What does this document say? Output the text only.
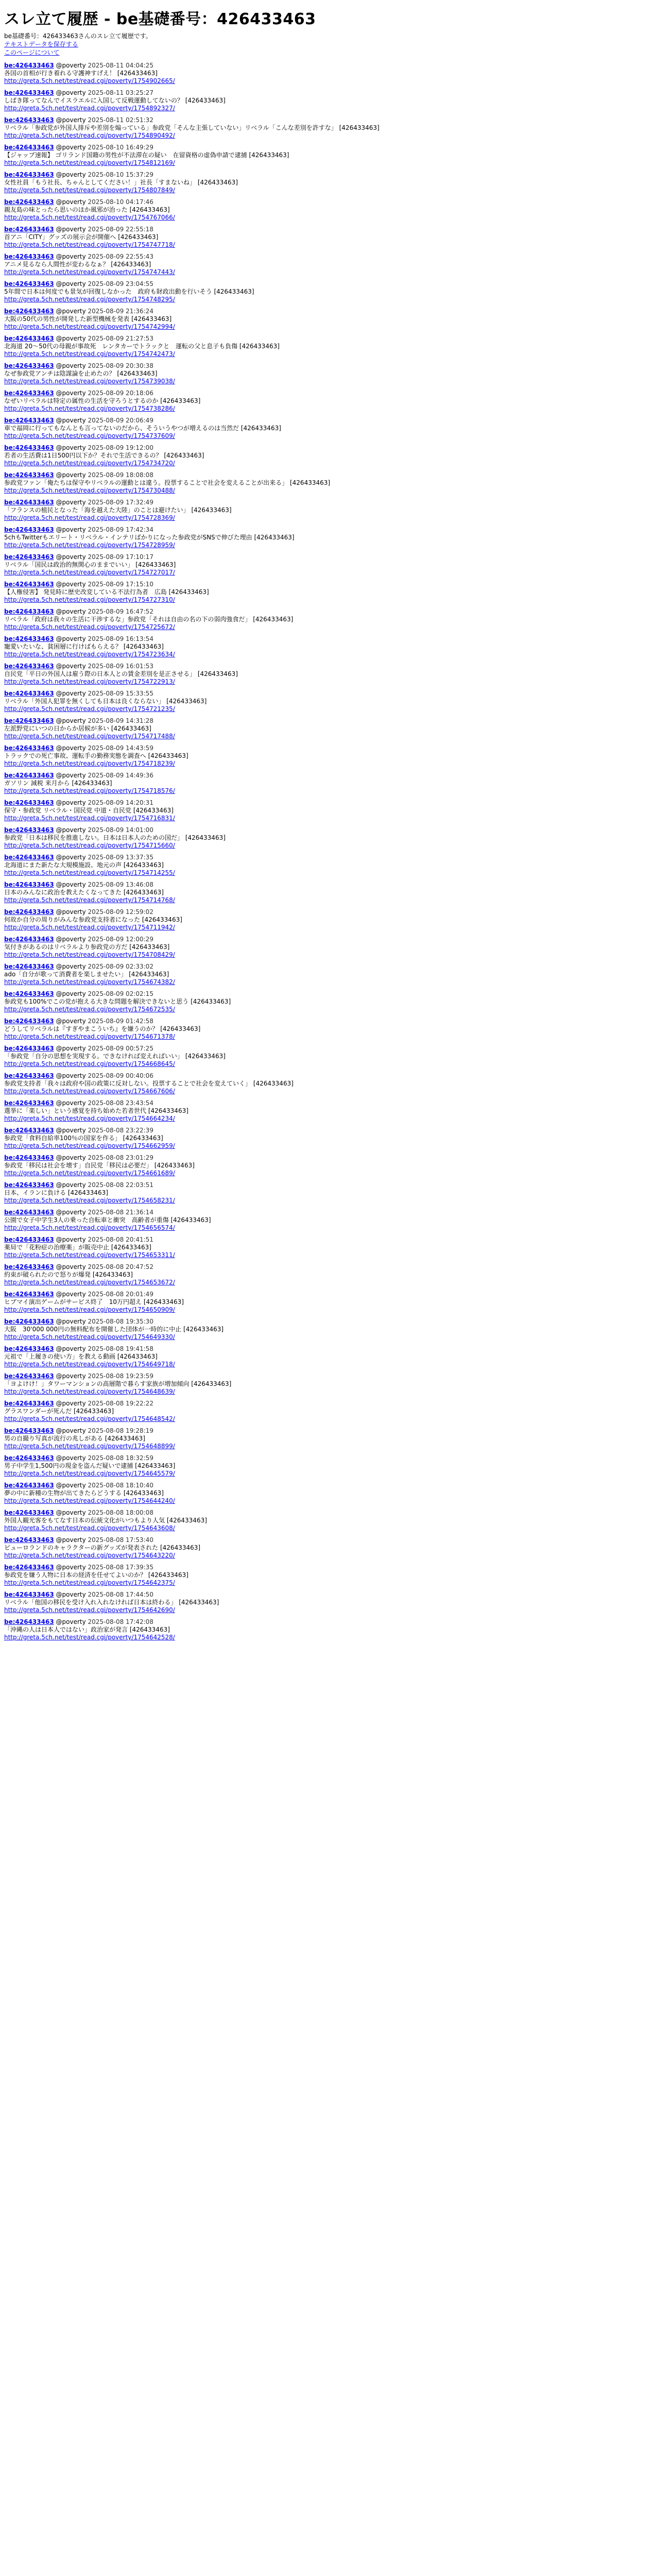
スレ立て履歴 - be基礎番号：426433463
be基礎番号：426433463さんのスレ立て履歴です。
テキストデータを保存する
このページについて
be:426433463 @poverty 2025-08-11 04:04:25
各国の首相が行き着れる守護神すげえ！ [426433463]
http://greta.5ch.net/test/read.cgi/poverty/1754902665/
be:426433463 @poverty 2025-08-11 03:25:27
しばき隊ってなんでイスラエルに入国して反戦運動してないの？ [426433463]
http://greta.5ch.net/test/read.cgi/poverty/1754892327/
be:426433463 @poverty 2025-08-11 02:51:32
リベラル「参政党が外国人排斥や差別を煽っている」参政党「そんな主張していない」リベラル「こんな差別を許すな」 [426433463]
http://greta.5ch.net/test/read.cgi/poverty/1754890492/
be:426433463 @poverty 2025-08-10 16:49:29
【ジャップ速報】 ゴリランド国籍の男性が不法滞在の疑い　在留資格の虚偽申請で逮捕 [426433463]
http://greta.5ch.net/test/read.cgi/poverty/1754812169/
be:426433463 @poverty 2025-08-10 15:37:29
女性社員「もう社長、ちゃんとしてください！」社長「すまないね」 [426433463]
http://greta.5ch.net/test/read.cgi/poverty/1754807849/
be:426433463 @poverty 2025-08-10 04:17:46
親友島の味とったら思いのほか風邪が治った [426433463]
http://greta.5ch.net/test/read.cgi/poverty/1754767066/
be:426433463 @poverty 2025-08-09 22:55:18
首アニ「CITY」グッズの展示会が開催へ [426433463]
http://greta.5ch.net/test/read.cgi/poverty/1754747718/
be:426433463 @poverty 2025-08-09 22:55:43
アニメ見るなら人間性が変わるなぁ？ [426433463]
http://greta.5ch.net/test/read.cgi/poverty/1754747443/
be:426433463 @poverty 2025-08-09 23:04:55
5年間で日本は何度でも景気が回復しなかった　政府も財政出動を行いそう [426433463]
http://greta.5ch.net/test/read.cgi/poverty/1754748295/
be:426433463 @poverty 2025-08-09 21:36:24
大阪の50代の男性が開発した新型機械を発表 [426433463]
http://greta.5ch.net/test/read.cgi/poverty/1754742994/
be:426433463 @poverty 2025-08-09 21:27:53
北海道 20～50代の母親が事故死　レンタカーでトラックと　運転の父と息子も負傷 [426433463]
http://greta.5ch.net/test/read.cgi/poverty/1754742473/
be:426433463 @poverty 2025-08-09 20:30:38
なぜ参政党アンチは陰謀論を止めたの？ [426433463]
http://greta.5ch.net/test/read.cgi/poverty/1754739038/
be:426433463 @poverty 2025-08-09 20:18:06
なぜいリベラルは特定の属性の生活を守ろうとするのか [426433463]
http://greta.5ch.net/test/read.cgi/poverty/1754738286/
be:426433463 @poverty 2025-08-09 20:06:49
車で福岡に行ってもなんとも言ってないのだから、そういうやつが増えるのは当然だ [426433463]
http://greta.5ch.net/test/read.cgi/poverty/1754737609/
be:426433463 @poverty 2025-08-09 19:12:00
若者の生活費は1日500円以下か？それで生活できるの？ [426433463]
http://greta.5ch.net/test/read.cgi/poverty/1754734720/
be:426433463 @poverty 2025-08-09 18:08:08
参政党ファン「俺たちは保守やリベラルの運動とは違う。投票することで社会を変えることが出来る」 [426433463]
http://greta.5ch.net/test/read.cgi/poverty/1754730488/
be:426433463 @poverty 2025-08-09 17:32:49
「フランスの植民となった「海を越えた大陸」のことは避けたい」 [426433463]
http://greta.5ch.net/test/read.cgi/poverty/1754728369/
be:426433463 @poverty 2025-08-09 17:42:34
5chもTwitterもエリート・リベラル・インテリばかりになった参政党がSNSで伸びた理由 [426433463]
http://greta.5ch.net/test/read.cgi/poverty/1754728959/
be:426433463 @poverty 2025-08-09 17:10:17
リベラル「国民は政治的無関心のままでいい」 [426433463]
http://greta.5ch.net/test/read.cgi/poverty/1754727017/
be:426433463 @poverty 2025-08-09 17:15:10
【人権侵害】 発見時に歴史改変している不法行為者　広島 [426433463]
http://greta.5ch.net/test/read.cgi/poverty/1754727310/
be:426433463 @poverty 2025-08-09 16:47:52
リベラル「政府は我々の生活に干渉するな」参政党「それは自由の名の下の弱肉強食だ」 [426433463]
http://greta.5ch.net/test/read.cgi/poverty/1754725672/
be:426433463 @poverty 2025-08-09 16:13:54
寵愛いたいな、貧困層に行けばもらえる？ [426433463]
http://greta.5ch.net/test/read.cgi/poverty/1754723634/
be:426433463 @poverty 2025-08-09 16:01:53
自民党「平日の外国人は雇う際の日本人との賃金差別を是正させる」 [426433463]
http://greta.5ch.net/test/read.cgi/poverty/1754722913/
be:426433463 @poverty 2025-08-09 15:33:55
リベラル「外国人犯罪を無くしても日本は良くならない」 [426433463]
http://greta.5ch.net/test/read.cgi/poverty/1754721235/
be:426433463 @poverty 2025-08-09 14:31:28
左派野党にいつの日からか居候が多い [426433463]
http://greta.5ch.net/test/read.cgi/poverty/1754717488/
be:426433463 @poverty 2025-08-09 14:43:59
トラックでの死亡事故、運転手の勤務実態を調査へ [426433463]
http://greta.5ch.net/test/read.cgi/poverty/1754718239/
be:426433463 @poverty 2025-08-09 14:49:36
ガソリン 減税 来月から [426433463]
http://greta.5ch.net/test/read.cgi/poverty/1754718576/
be:426433463 @poverty 2025-08-09 14:20:31
保守・参政党 リベラル・国民党 中道・自民党 [426433463]
http://greta.5ch.net/test/read.cgi/poverty/1754716831/
be:426433463 @poverty 2025-08-09 14:01:00
参政党「日本は移民を推進しない。日本は日本人のための国だ」 [426433463]
http://greta.5ch.net/test/read.cgi/poverty/1754715660/
be:426433463 @poverty 2025-08-09 13:37:35
北海道にまた新たな大規模施設、地元の声 [426433463]
http://greta.5ch.net/test/read.cgi/poverty/1754714255/
be:426433463 @poverty 2025-08-09 13:46:08
日本のみんなに政治を教えたくなってきた [426433463]
http://greta.5ch.net/test/read.cgi/poverty/1754714768/
be:426433463 @poverty 2025-08-09 12:59:02
何故か自分の周りがみんな参政党支持者になった [426433463]
http://greta.5ch.net/test/read.cgi/poverty/1754711942/
be:426433463 @poverty 2025-08-09 12:00:29
気付きがあるのはリベラルより参政党の方だ [426433463]
http://greta.5ch.net/test/read.cgi/poverty/1754708429/
be:426433463 @poverty 2025-08-09 02:33:02
ado「自分が歌って消費者を楽しませたい」 [426433463]
http://greta.5ch.net/test/read.cgi/poverty/1754674382/
be:426433463 @poverty 2025-08-09 02:02:15
参政党も100%でこの党が抱える大きな問題を解決できないと思う [426433463]
http://greta.5ch.net/test/read.cgi/poverty/1754672535/
be:426433463 @poverty 2025-08-09 01:42:58
どうしてリベラルは『すぎやまこういち』を嫌うのか？ [426433463]
http://greta.5ch.net/test/read.cgi/poverty/1754671378/
be:426433463 @poverty 2025-08-09 00:57:25
「参政党「自分の思想を実現する。できなければ変えればいい」 [426433463]
http://greta.5ch.net/test/read.cgi/poverty/1754668645/
be:426433463 @poverty 2025-08-09 00:40:06
参政党支持者「我々は政府や国の政策に反対しない。投票することで社会を変えていく」 [426433463]
http://greta.5ch.net/test/read.cgi/poverty/1754667606/
be:426433463 @poverty 2025-08-08 23:43:54
選挙に「楽しい」という感覚を持ち始めた若者世代 [426433463]
http://greta.5ch.net/test/read.cgi/poverty/1754664234/
be:426433463 @poverty 2025-08-08 23:22:39
参政党「食料自給率100％の国家を作る」 [426433463]
http://greta.5ch.net/test/read.cgi/poverty/1754662959/
be:426433463 @poverty 2025-08-08 23:01:29
参政党「移民は社会を壊す」自民党「移民は必要だ」 [426433463]
http://greta.5ch.net/test/read.cgi/poverty/1754661689/
be:426433463 @poverty 2025-08-08 22:03:51
日本、イランに負ける [426433463]
http://greta.5ch.net/test/read.cgi/poverty/1754658231/
be:426433463 @poverty 2025-08-08 21:36:14
公園で女子中学生3人の乗った自転車と衝突　高齢者が重傷 [426433463]
http://greta.5ch.net/test/read.cgi/poverty/1754656574/
be:426433463 @poverty 2025-08-08 20:41:51
薬局で「花粉症の治療薬」が販売中止 [426433463]
http://greta.5ch.net/test/read.cgi/poverty/1754653311/
be:426433463 @poverty 2025-08-08 20:47:52
約束が破られたので怒りが爆発 [426433463]
http://greta.5ch.net/test/read.cgi/poverty/1754653672/
be:426433463 @poverty 2025-08-08 20:01:49
ヒプマイ演出ゲームがサービス終了　10万円超え [426433463]
http://greta.5ch.net/test/read.cgi/poverty/1754650909/
be:426433463 @poverty 2025-08-08 19:35:30
大阪　30'000 000円の無料配布を開催した団体が一時的に中止 [426433463]
http://greta.5ch.net/test/read.cgi/poverty/1754649330/
be:426433463 @poverty 2025-08-08 19:41:58
元祖で「上履きの使い方」を教える動画 [426433463]
http://greta.5ch.net/test/read.cgi/poverty/1754649718/
be:426433463 @poverty 2025-08-08 19:23:59
「ヨよけけ！」タワーマンションの高層階で暮らす家族が増加傾向 [426433463]
http://greta.5ch.net/test/read.cgi/poverty/1754648639/
be:426433463 @poverty 2025-08-08 19:22:22
グラスワンダーが死んだ [426433463]
http://greta.5ch.net/test/read.cgi/poverty/1754648542/
be:426433463 @poverty 2025-08-08 19:28:19
男の自撮り写真が流行の兆しがある [426433463]
http://greta.5ch.net/test/read.cgi/poverty/1754648899/
be:426433463 @poverty 2025-08-08 18:32:59
男子中学生1,500円の現金を盗んだ疑いで逮捕 [426433463]
http://greta.5ch.net/test/read.cgi/poverty/1754645579/
be:426433463 @poverty 2025-08-08 18:10:40
夢の中に新種の生物が出てきたらどうする [426433463]
http://greta.5ch.net/test/read.cgi/poverty/1754644240/
be:426433463 @poverty 2025-08-08 18:00:08
外国人観光客をもてなす日本の伝統文化がいつもより人気 [426433463]
http://greta.5ch.net/test/read.cgi/poverty/1754643608/
be:426433463 @poverty 2025-08-08 17:53:40
ピューロランドのキャラクターの新グッズが発表された [426433463]
http://greta.5ch.net/test/read.cgi/poverty/1754643220/
be:426433463 @poverty 2025-08-08 17:39:35
参政党を嫌う人物に日本の経済を任せてよいのか？ [426433463]
http://greta.5ch.net/test/read.cgi/poverty/1754642375/
be:426433463 @poverty 2025-08-08 17:44:50
リベラル「他国の移民を受け入れ入れなければ日本は終わる」 [426433463]
http://greta.5ch.net/test/read.cgi/poverty/1754642690/
be:426433463 @poverty 2025-08-08 17:42:08
「沖縄の人は日本人ではない」政治家が発言 [426433463]
http://greta.5ch.net/test/read.cgi/poverty/1754642528/
